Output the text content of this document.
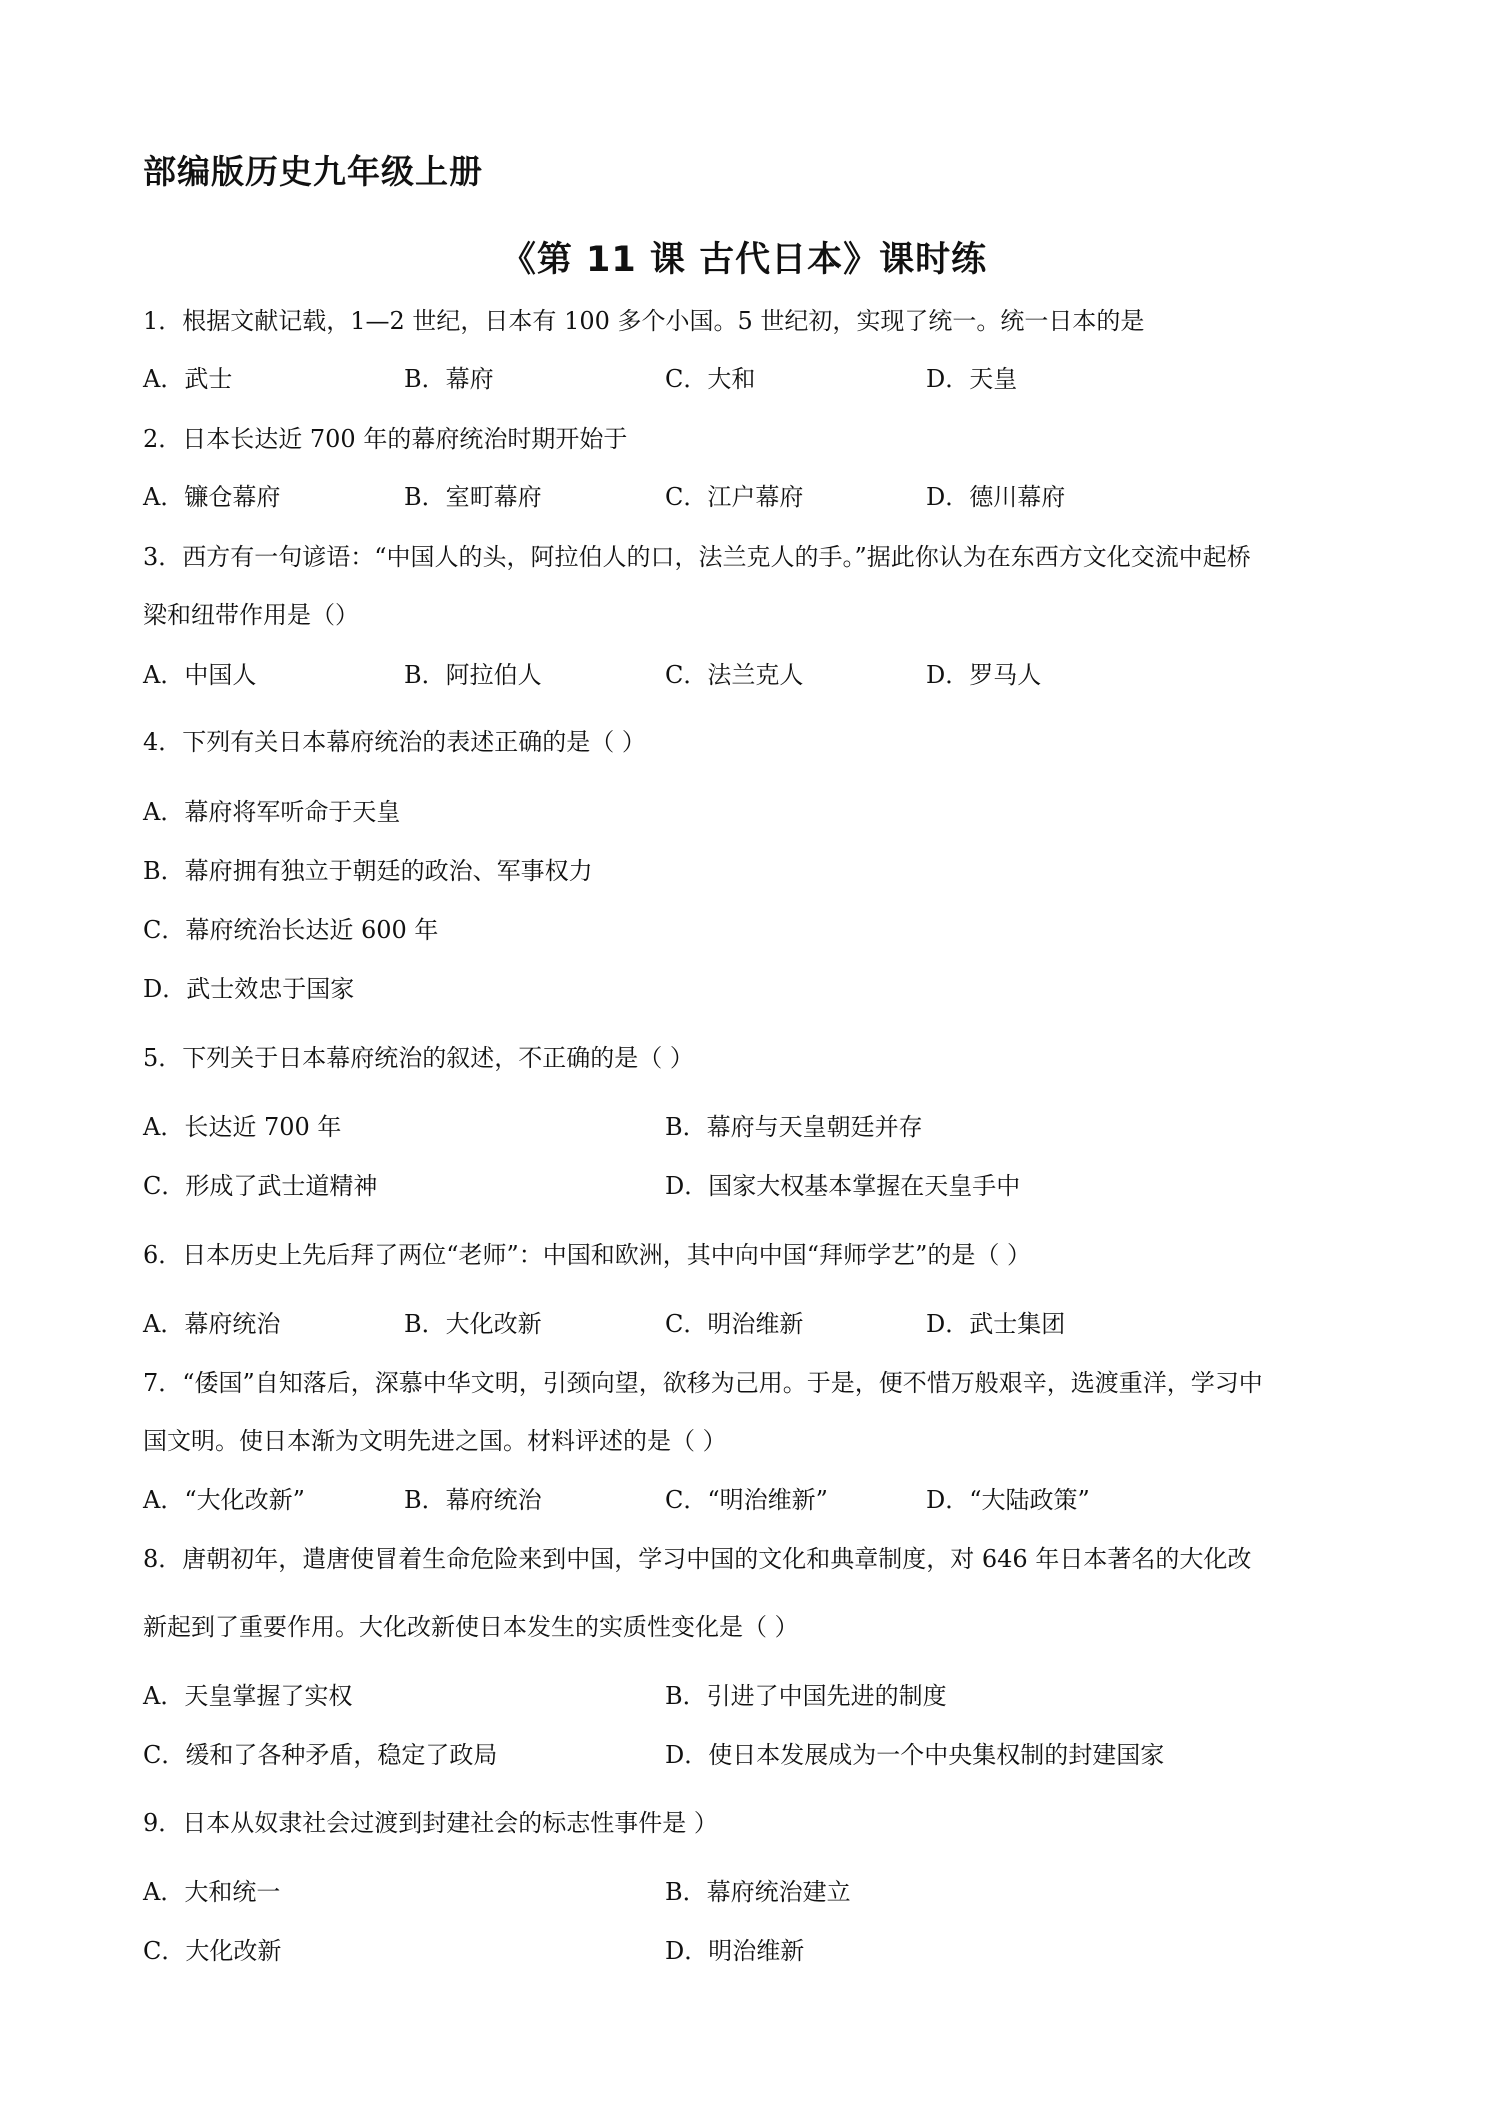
部编版历史九年级上册
《第 11 课 古代日本》课时练
1．根据文献记载，1—2 世纪，日本有 100 多个小国。5 世纪初，实现了统一。统一日本的是
A．武士	B．幕府	C．大和	D．天皇
2．日本长达近 700 年的幕府统治时期开始于
A．镰仓幕府	B．室町幕府	C．江户幕府	D．德川幕府
3．西方有一句谚语：“中国人的头，阿拉伯人的口，法兰克人的手。”据此你认为在东西方文化交流中起桥
梁和纽带作用是（）
A．中国人	B．阿拉伯人	C．法兰克人	D．罗马人
4．下列有关日本幕府统治的表述正确的是（ ）
A．幕府将军听命于天皇
B．幕府拥有独立于朝廷的政治、军事权力
C．幕府统治长达近 600 年
D．武士效忠于国家
5．下列关于日本幕府统治的叙述，不正确的是（ ）
A．长达近 700 年	B．幕府与天皇朝廷并存
C．形成了武士道精神	D．国家大权基本掌握在天皇手中
6．日本历史上先后拜了两位“老师”：中国和欧洲，其中向中国“拜师学艺”的是（ ）
A．幕府统治	B．大化改新	C．明治维新	D．武士集团
7．“倭国”自知落后，深慕中华文明，引颈向望，欲移为己用。于是，便不惜万般艰辛，选渡重洋，学习中
国文明。使日本渐为文明先进之国。材料评述的是（ ）
A．“大化改新”	B．幕府统治	C．“明治维新”	D．“大陆政策”
8．唐朝初年，遣唐使冒着生命危险来到中国，学习中国的文化和典章制度，对 646 年日本著名的大化改
新起到了重要作用。大化改新使日本发生的实质性变化是（ ）
A．天皇掌握了实权	B．引进了中国先进的制度
C．缓和了各种矛盾，稳定了政局	D．使日本发展成为一个中央集权制的封建国家
9．日本从奴隶社会过渡到封建社会的标志性事件是 ）
A．大和统一	B．幕府统治建立
C．大化改新	D．明治维新
